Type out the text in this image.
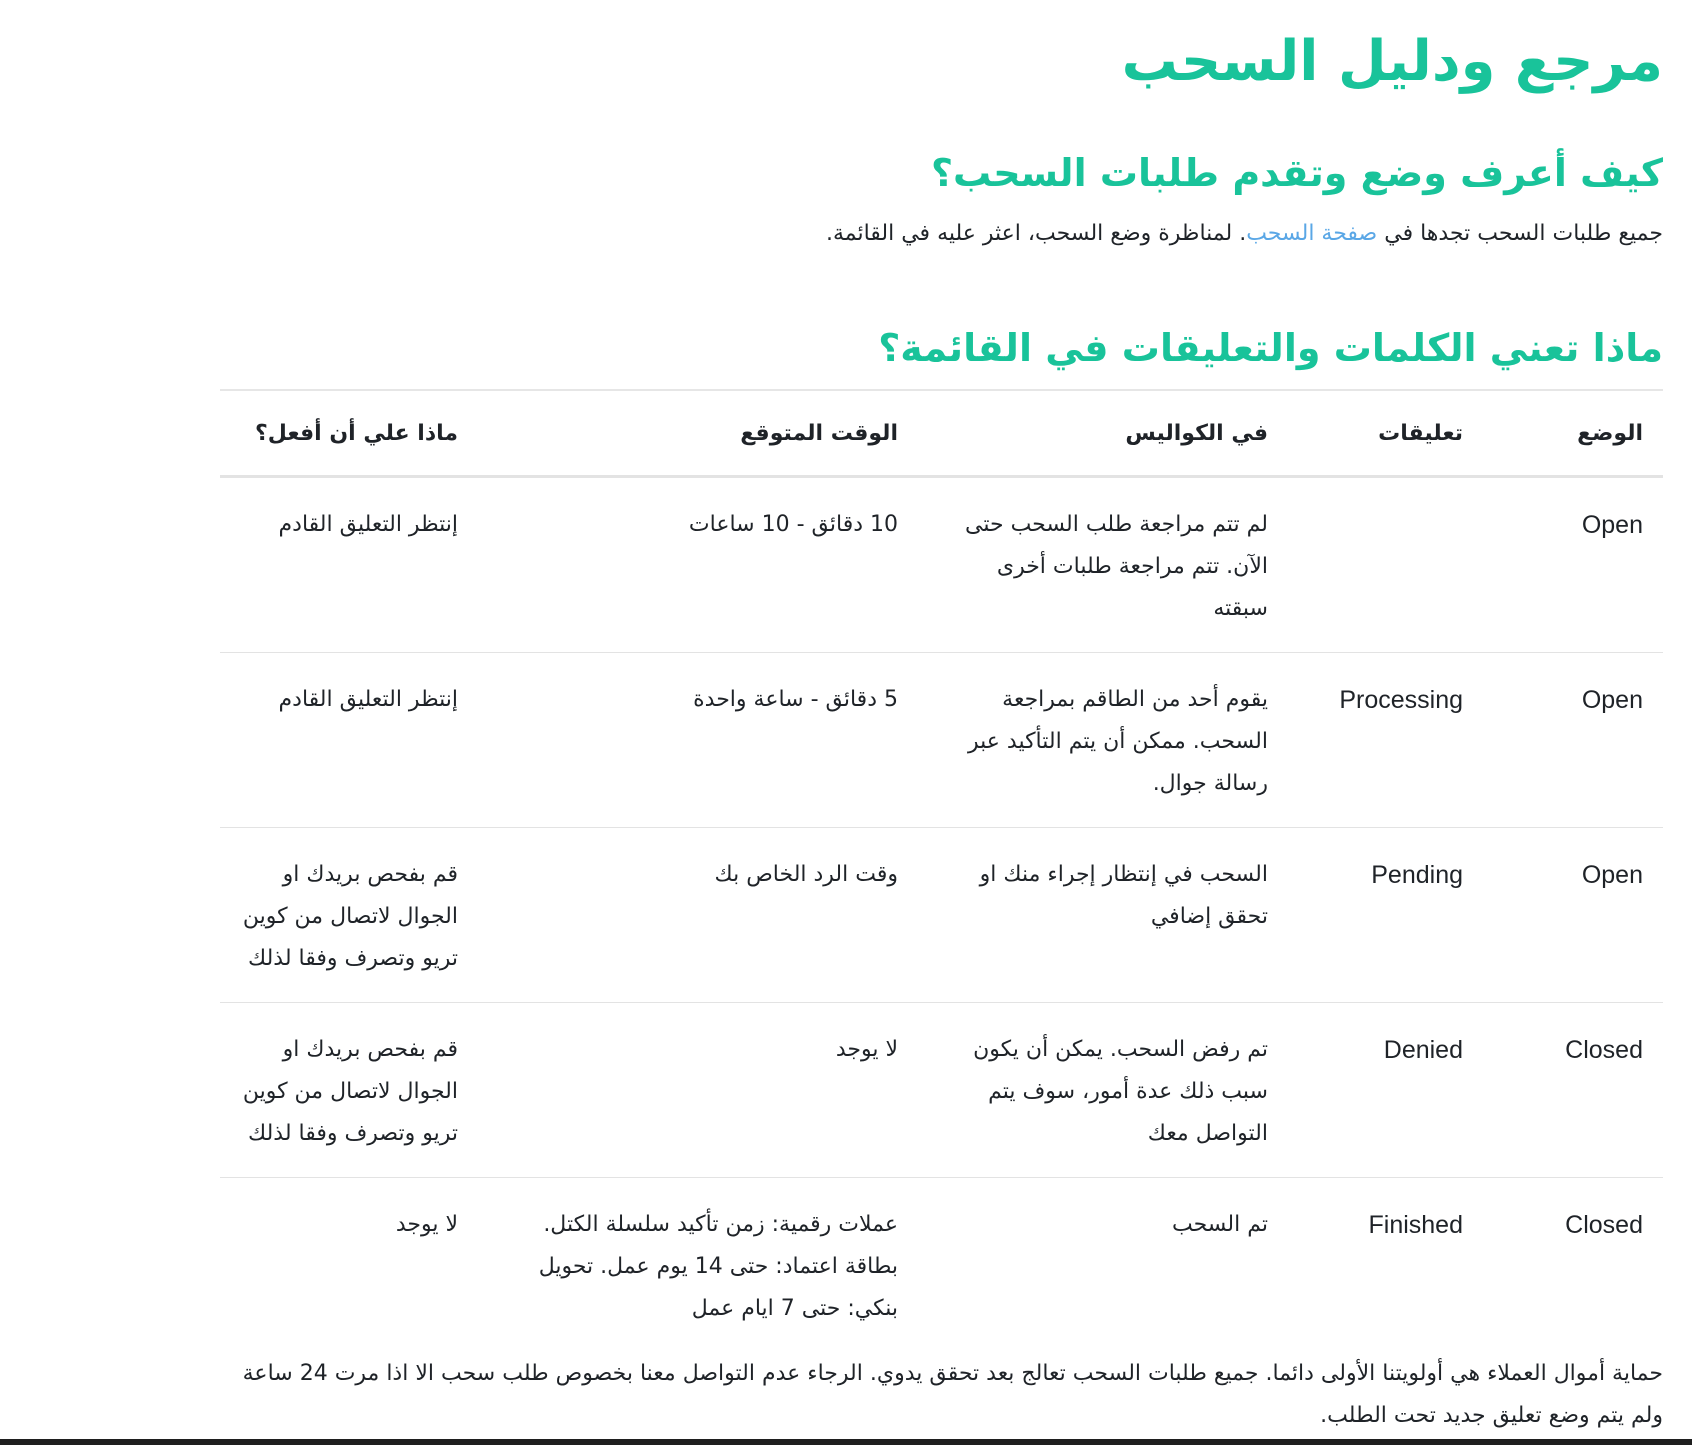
مرجع ودليل السحب
كيف أعرف وضع وتقدم طلبات السحب؟

جميع طلبات السحب تجدها في صفحة السحب. لمناظرة وضع السحب، اعثر عليه في القائمة.

ماذا تعني الكلمات والتعليقات في القائمة؟
الوضع	تعليقات	في الكواليس	الوقت المتوقع	ماذا علي أن أفعل؟
Open		لم تتم مراجعة طلب السحب حتى الآن. تتم مراجعة طلبات أخرى سبقته	10 دقائق - 10 ساعات	إنتظر التعليق القادم
Open	Processing	يقوم أحد من الطاقم بمراجعة السحب. ممكن أن يتم التأكيد عبر رسالة جوال.	5 دقائق - ساعة واحدة	إنتظر التعليق القادم
Open	Pending	السحب في إنتظار إجراء منك او تحقق إضافي	وقت الرد الخاص بك	قم بفحص بريدك او الجوال لاتصال من كوين تريو وتصرف وفقا لذلك
Closed	Denied	تم رفض السحب. يمكن أن يكون سبب ذلك عدة أمور، سوف يتم التواصل معك	لا يوجد	قم بفحص بريدك او الجوال لاتصال من كوين تريو وتصرف وفقا لذلك
Closed	Finished	تم السحب	عملات رقمية: زمن تأكيد سلسلة الكتل. بطاقة اعتماد: حتى 14 يوم عمل. تحويل بنكي: حتى 7 ايام عمل	لا يوجد

حماية أموال العملاء هي أولويتنا الأولى دائما. جميع طلبات السحب تعالج بعد تحقق يدوي. الرجاء عدم التواصل معنا بخصوص طلب سحب الا اذا مرت 24 ساعة ولم يتم وضع تعليق جديد تحت الطلب.
